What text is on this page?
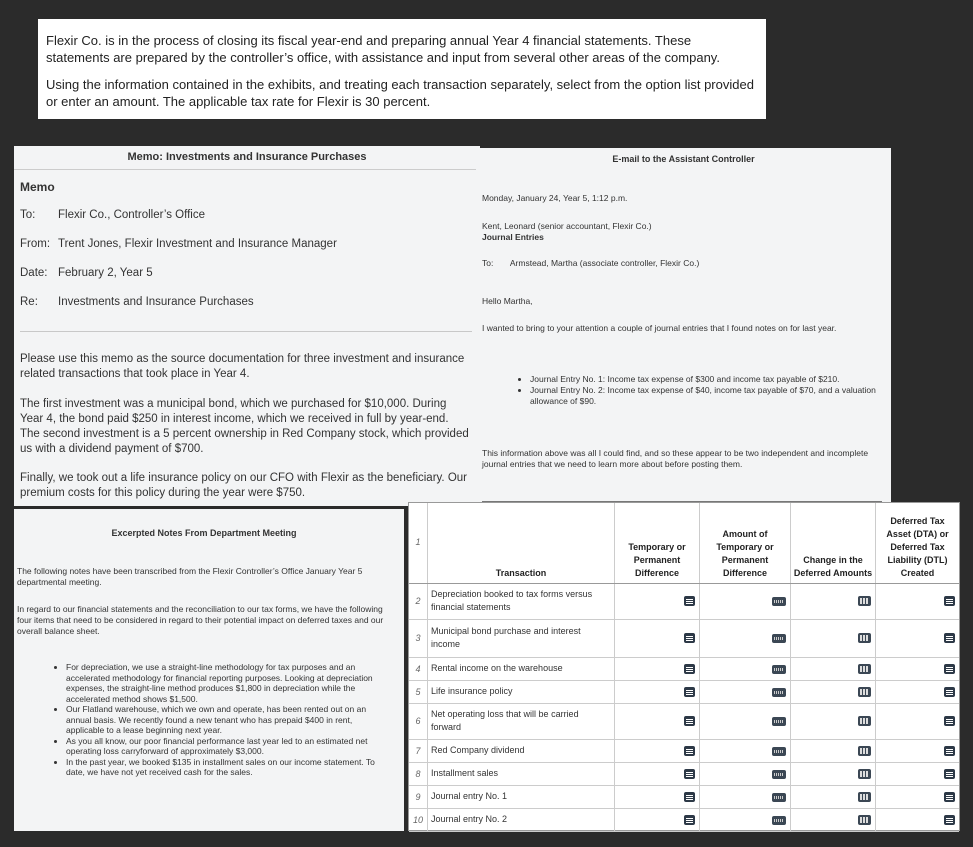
Flexir Co. is in the process of closing its fiscal year-end and preparing annual Year 4 financial statements. These statements are prepared by the controller’s office, with assistance and input from several other areas of the company.

Using the information contained in the exhibits, and treating each transaction separately, select from the option list provided or enter an amount. The applicable tax rate for Flexir is 30 percent.

Memo: Investments and Insurance Purchases
Memo
To: Flexir Co., Controller’s Office
From: Trent Jones, Flexir Investment and Insurance Manager
Date: February 2, Year 5
Re: Investments and Insurance Purchases

Please use this memo as the source documentation for three investment and insurance related transactions that took place in Year 4.

The first investment was a municipal bond, which we purchased for $10,000. During Year 4, the bond paid $250 in interest income, which we received in full by year-end. The second investment is a 5 percent ownership in Red Company stock, which provided us with a dividend payment of $700.

Finally, we took out a life insurance policy on our CFO with Flexir as the beneficiary. Our premium costs for this policy during the year were $750.

E-mail to the Assistant Controller

Monday, January 24, Year 5, 1:12 p.m.

Kent, Leonard (senior accountant, Flexir Co.)

Journal Entries

To: Armstead, Martha (associate controller, Flexir Co.)

Hello Martha,

I wanted to bring to your attention a couple of journal entries that I found notes on for last year.

• Journal Entry No. 1: Income tax expense of $300 and income tax payable of $210.
• Journal Entry No. 2: Income tax expense of $40, income tax payable of $70, and a valuation allowance of $90.

This information above was all I could find, and so these appear to be two independent and incomplete journal entries that we need to learn more about before posting them.

Excerpted Notes From Department Meeting

The following notes have been transcribed from the Flexir Controller’s Office January Year 5 departmental meeting.

In regard to our financial statements and the reconciliation to our tax forms, we have the following four items that need to be considered in regard to their potential impact on deferred taxes and our overall balance sheet.

• For depreciation, we use a straight-line methodology for tax purposes and an accelerated methodology for financial reporting purposes. Looking at depreciation expenses, the straight-line method produces $1,800 in depreciation while the accelerated method shows $1,500.
• Our Flatland warehouse, which we own and operate, has been rented out on an annual basis. We recently found a new tenant who has prepaid $400 in rent, applicable to a lease beginning next year.
• As you all know, our poor financial performance last year led to an estimated net operating loss carryforward of approximately $3,000.
• In the past year, we booked $135 in installment sales on our income statement. To date, we have not yet received cash for the sales.
1	Transaction	Temporary or Permanent Difference	Amount of Temporary or Permanent Difference	Change in the Deferred Amounts	Deferred Tax Asset (DTA) or Deferred Tax Liability (DTL) Created
2	Depreciation booked to tax forms versus financial statements				
3	Municipal bond purchase and interest income				
4	Rental income on the warehouse				
5	Life insurance policy				
6	Net operating loss that will be carried forward				
7	Red Company dividend				
8	Installment sales				
9	Journal entry No. 1				
10	Journal entry No. 2				
